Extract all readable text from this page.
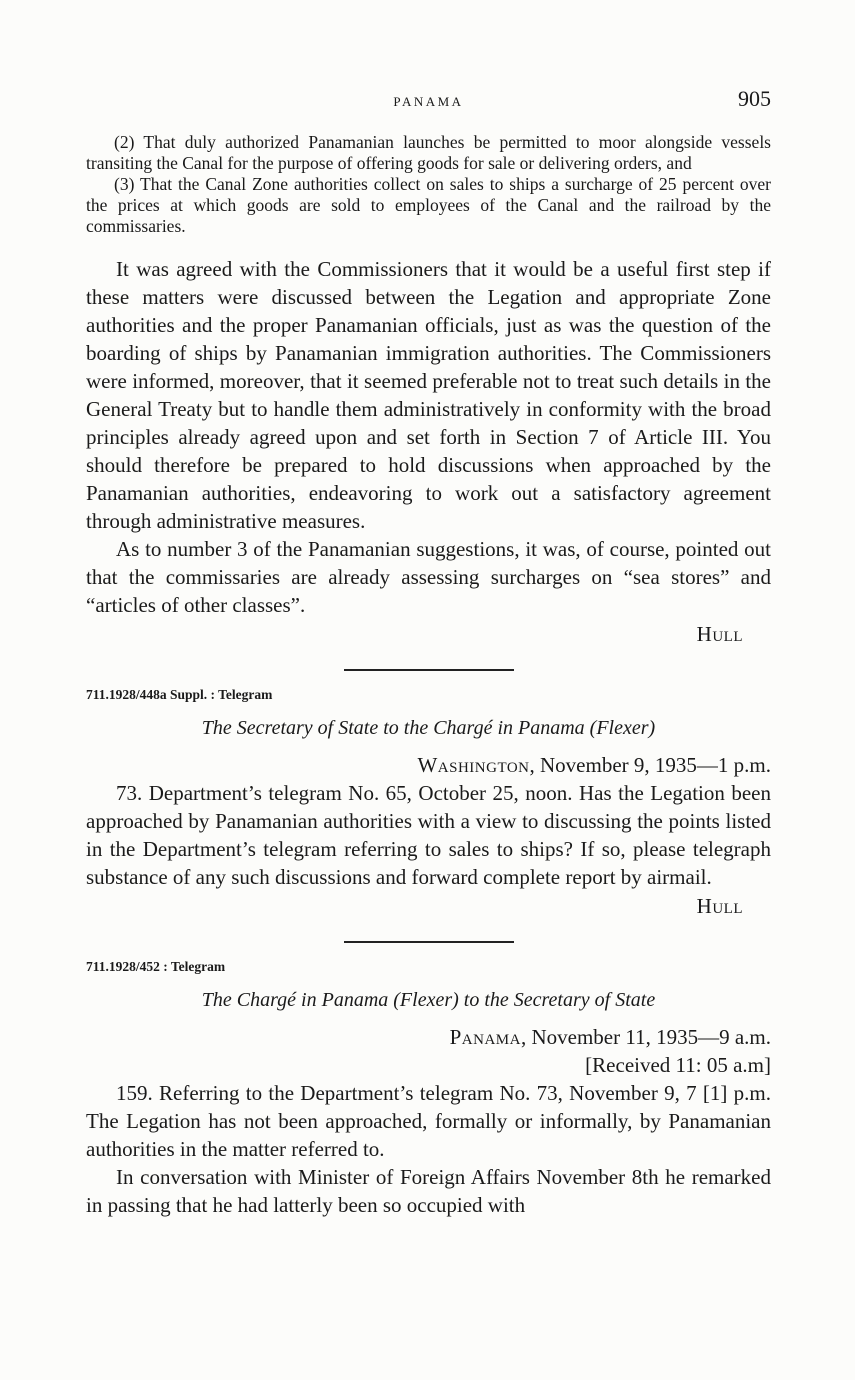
PANAMA	905

(2) That duly authorized Panamanian launches be permitted to moor alongside vessels transiting the Canal for the purpose of offering goods for sale or delivering orders, and

(3) That the Canal Zone authorities collect on sales to ships a surcharge of 25 percent over the prices at which goods are sold to employees of the Canal and the railroad by the commissaries.

It was agreed with the Commissioners that it would be a useful first step if these matters were discussed between the Legation and appropriate Zone authorities and the proper Panamanian officials, just as was the question of the boarding of ships by Panamanian immigration authorities. The Commissioners were informed, moreover, that it seemed preferable not to treat such details in the General Treaty but to handle them administratively in conformity with the broad principles already agreed upon and set forth in Section 7 of Article III. You should therefore be prepared to hold discussions when approached by the Panamanian authorities, endeavoring to work out a satisfactory agreement through administrative measures.

As to number 3 of the Panamanian suggestions, it was, of course, pointed out that the commissaries are already assessing surcharges on “sea stores” and “articles of other classes”.

Hull
711.1928/448a Suppl. : Telegram
The Secretary of State to the Chargé in Panama (Flexer)
Washington, November 9, 1935—1 p.m.

73. Department’s telegram No. 65, October 25, noon. Has the Legation been approached by Panamanian authorities with a view to discussing the points listed in the Department’s telegram referring to sales to ships? If so, please telegraph substance of any such discussions and forward complete report by airmail.

Hull
711.1928/452 : Telegram
The Chargé in Panama (Flexer) to the Secretary of State
Panama, November 11, 1935—9 a.m.
[Received 11: 05 a.m]

159. Referring to the Department’s telegram No. 73, November 9, 7 [1] p.m. The Legation has not been approached, formally or informally, by Panamanian authorities in the matter referred to.

In conversation with Minister of Foreign Affairs November 8th he remarked in passing that he had latterly been so occupied with
